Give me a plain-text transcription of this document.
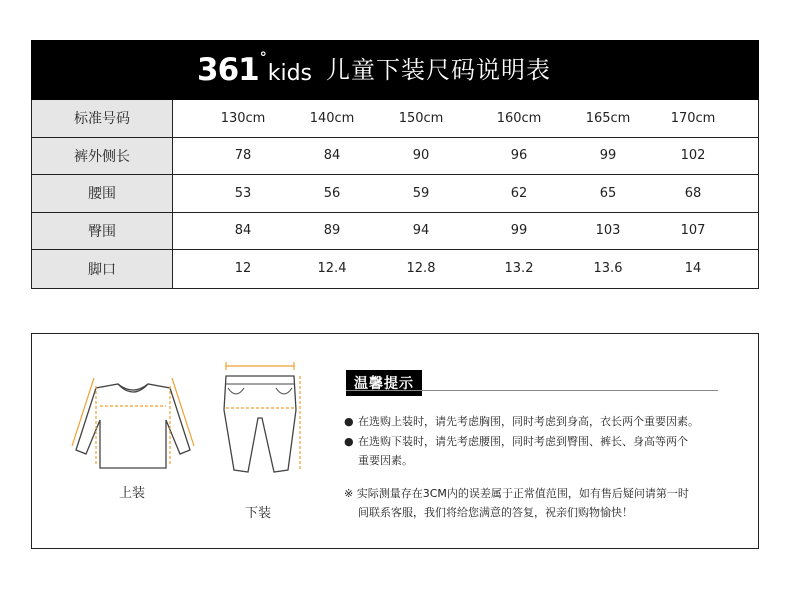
361 °
kids 儿童下装尺码说明表
标准号码	130cm	140cm	150cm	160cm	165cm	170cm
裤外侧长	78	84	90	96	99	102
腰围	53	56	59	62	65	68
臀围	84	89	94	99	103	107
脚口	12	12.4	12.8	13.2	13.6	14
上装
下装
温馨提示
● 在选购上装时，请先考虑胸围，同时考虑到身高，衣长两个重要因素。
● 在选购下装时，请先考虑腰围，同时考虑到臀围、裤长、身高等两个
重要因素。
※ 实际测量存在3CM内的误差属于正常值范围，如有售后疑问请第一时
间联系客服，我们将给您满意的答复，祝亲们购物愉快！
